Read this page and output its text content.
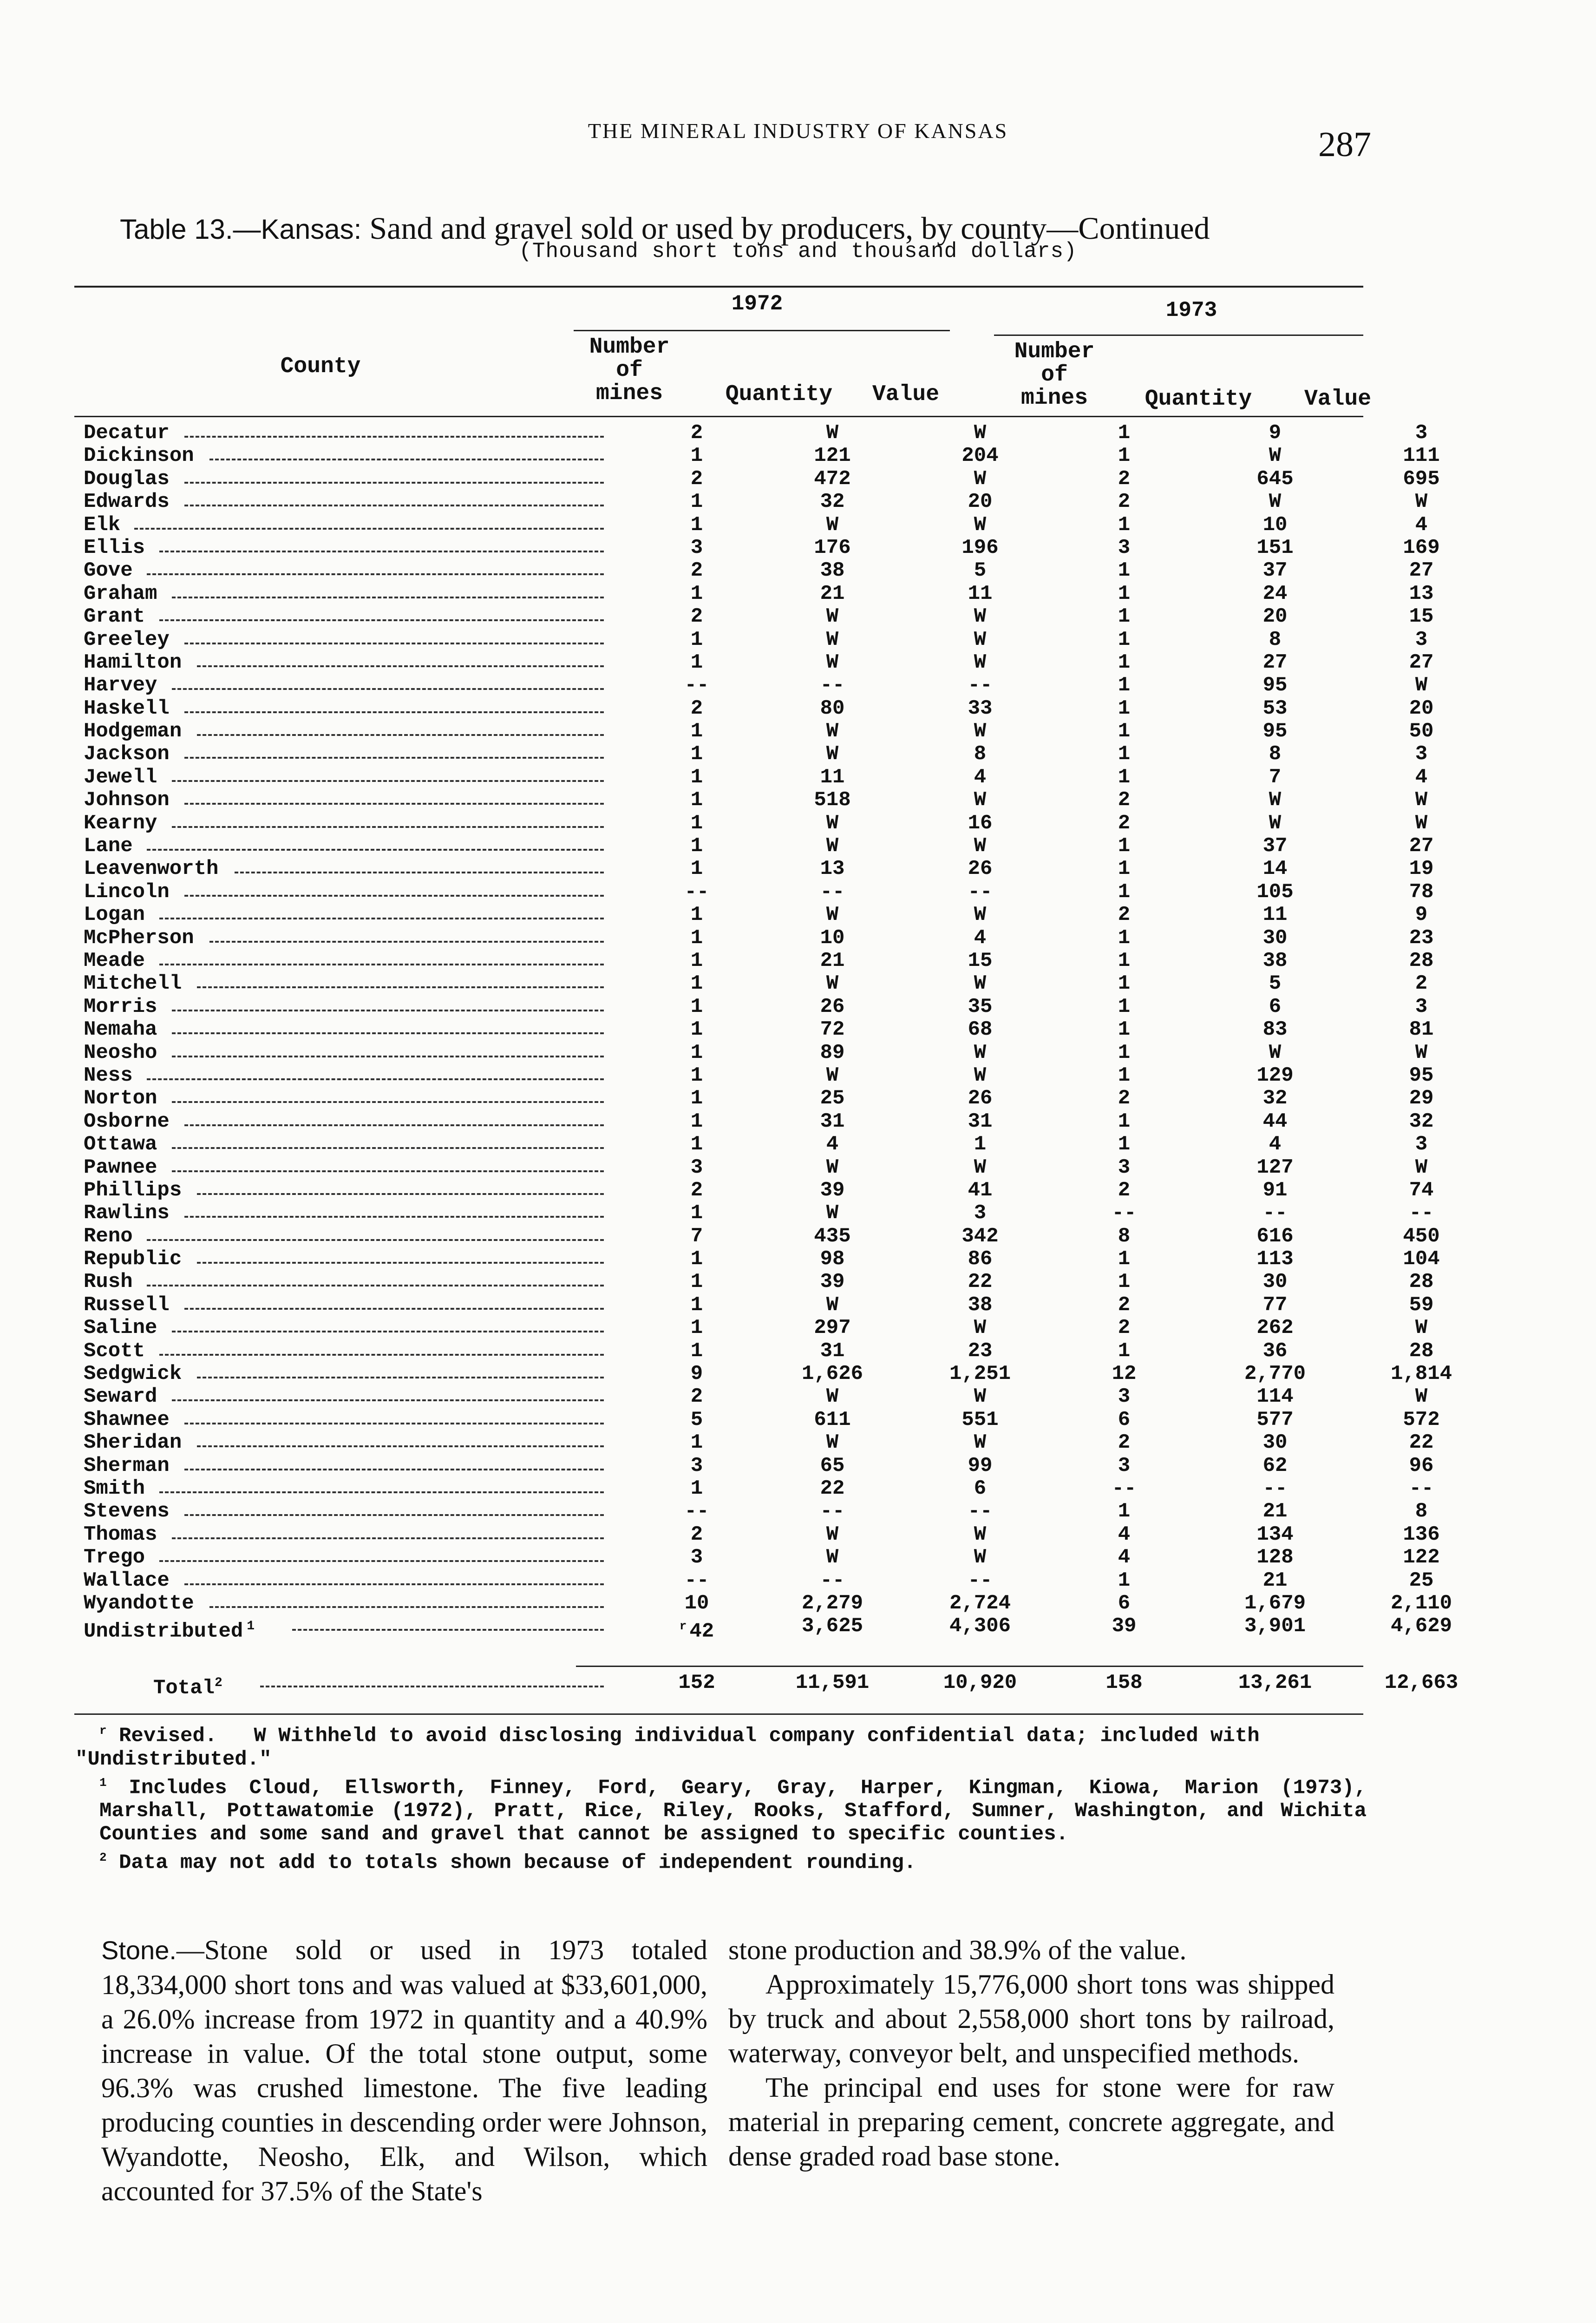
THE MINERAL INDUSTRY OF KANSAS	287
Table 13.—Kansas: Sand and gravel sold or used by producers, by county—Continued
(Thousand short tons and thousand dollars)
County
1972	1973
Number
of
mines	Quantity	Value
Number
of
mines	Quantity	Value
Decatur	2	W	W	1	9	3
Dickinson	1	121	204	1	W	111
Douglas	2	472	W	2	645	695
Edwards	1	32	20	2	W	W
Elk	1	W	W	1	10	4
Ellis	3	176	196	3	151	169
Gove	2	38	5	1	37	27
Graham	1	21	11	1	24	13
Grant	2	W	W	1	20	15
Greeley	1	W	W	1	8	3
Hamilton	1	W	W	1	27	27
Harvey	--	--	--	1	95	W
Haskell	2	80	33	1	53	20
Hodgeman	1	W	W	1	95	50
Jackson	1	W	8	1	8	3
Jewell	1	11	4	1	7	4
Johnson	1	518	W	2	W	W
Kearny	1	W	16	2	W	W
Lane	1	W	W	1	37	27
Leavenworth	1	13	26	1	14	19
Lincoln	--	--	--	1	105	78
Logan	1	W	W	2	11	9
McPherson	1	10	4	1	30	23
Meade	1	21	15	1	38	28
Mitchell	1	W	W	1	5	2
Morris	1	26	35	1	6	3
Nemaha	1	72	68	1	83	81
Neosho	1	89	W	1	W	W
Ness	1	W	W	1	129	95
Norton	1	25	26	2	32	29
Osborne	1	31	31	1	44	32
Ottawa	1	4	1	1	4	3
Pawnee	3	W	W	3	127	W
Phillips	2	39	41	2	91	74
Rawlins	1	W	3	--	--	--
Reno	7	435	342	8	616	450
Republic	1	98	86	1	113	104
Rush	1	39	22	1	30	28
Russell	1	W	38	2	77	59
Saline	1	297	W	2	262	W
Scott	1	31	23	1	36	28
Sedgwick	9	1,626	1,251	12	2,770	1,814
Seward	2	W	W	3	114	W
Shawnee	5	611	551	6	577	572
Sheridan	1	W	W	2	30	22
Sherman	3	65	99	3	62	96
Smith	1	22	6	--	--	--
Stevens	--	--	--	1	21	8
Thomas	2	W	W	4	134	136
Trego	3	W	W	4	128	122
Wallace	--	--	--	1	21	25
Wyandotte	10	2,279	2,724	6	1,679	2,110
Undistributed $^1$	$^r$ 42	3,625	4,306	39	3,901	4,629
Total$^2$	152	11,591	10,920	158	13,261	12,663

$^r$ Revised. W Withheld to avoid disclosing individual company confidential data; included with

"Undistributed."

$^1$ Includes Cloud, Ellsworth, Finney, Ford, Geary, Gray, Harper, Kingman, Kiowa, Marion (1973), Marshall, Pottawatomie (1972), Pratt, Rice, Riley, Rooks, Stafford, Sumner, Washington, and Wichita Counties and some sand and gravel that cannot be assigned to specific counties.

$^2$ Data may not add to totals shown because of independent rounding.

Stone.—Stone sold or used in 1973 totaled 18,334,000 short tons and was valued at $33,601,000, a 26.0% increase from 1972 in quantity and a 40.9% increase in value. Of the total stone output, some 96.3% was crushed limestone. The five leading producing counties in descending order were Johnson, Wyandotte, Neosho, Elk, and Wilson, which accounted for 37.5% of the State's

stone production and 38.9% of the value.

Approximately 15,776,000 short tons was shipped by truck and about 2,558,000 short tons by railroad, waterway, conveyor belt, and unspecified methods.

The principal end uses for stone were for raw material in preparing cement, concrete aggregate, and dense graded road base stone.
